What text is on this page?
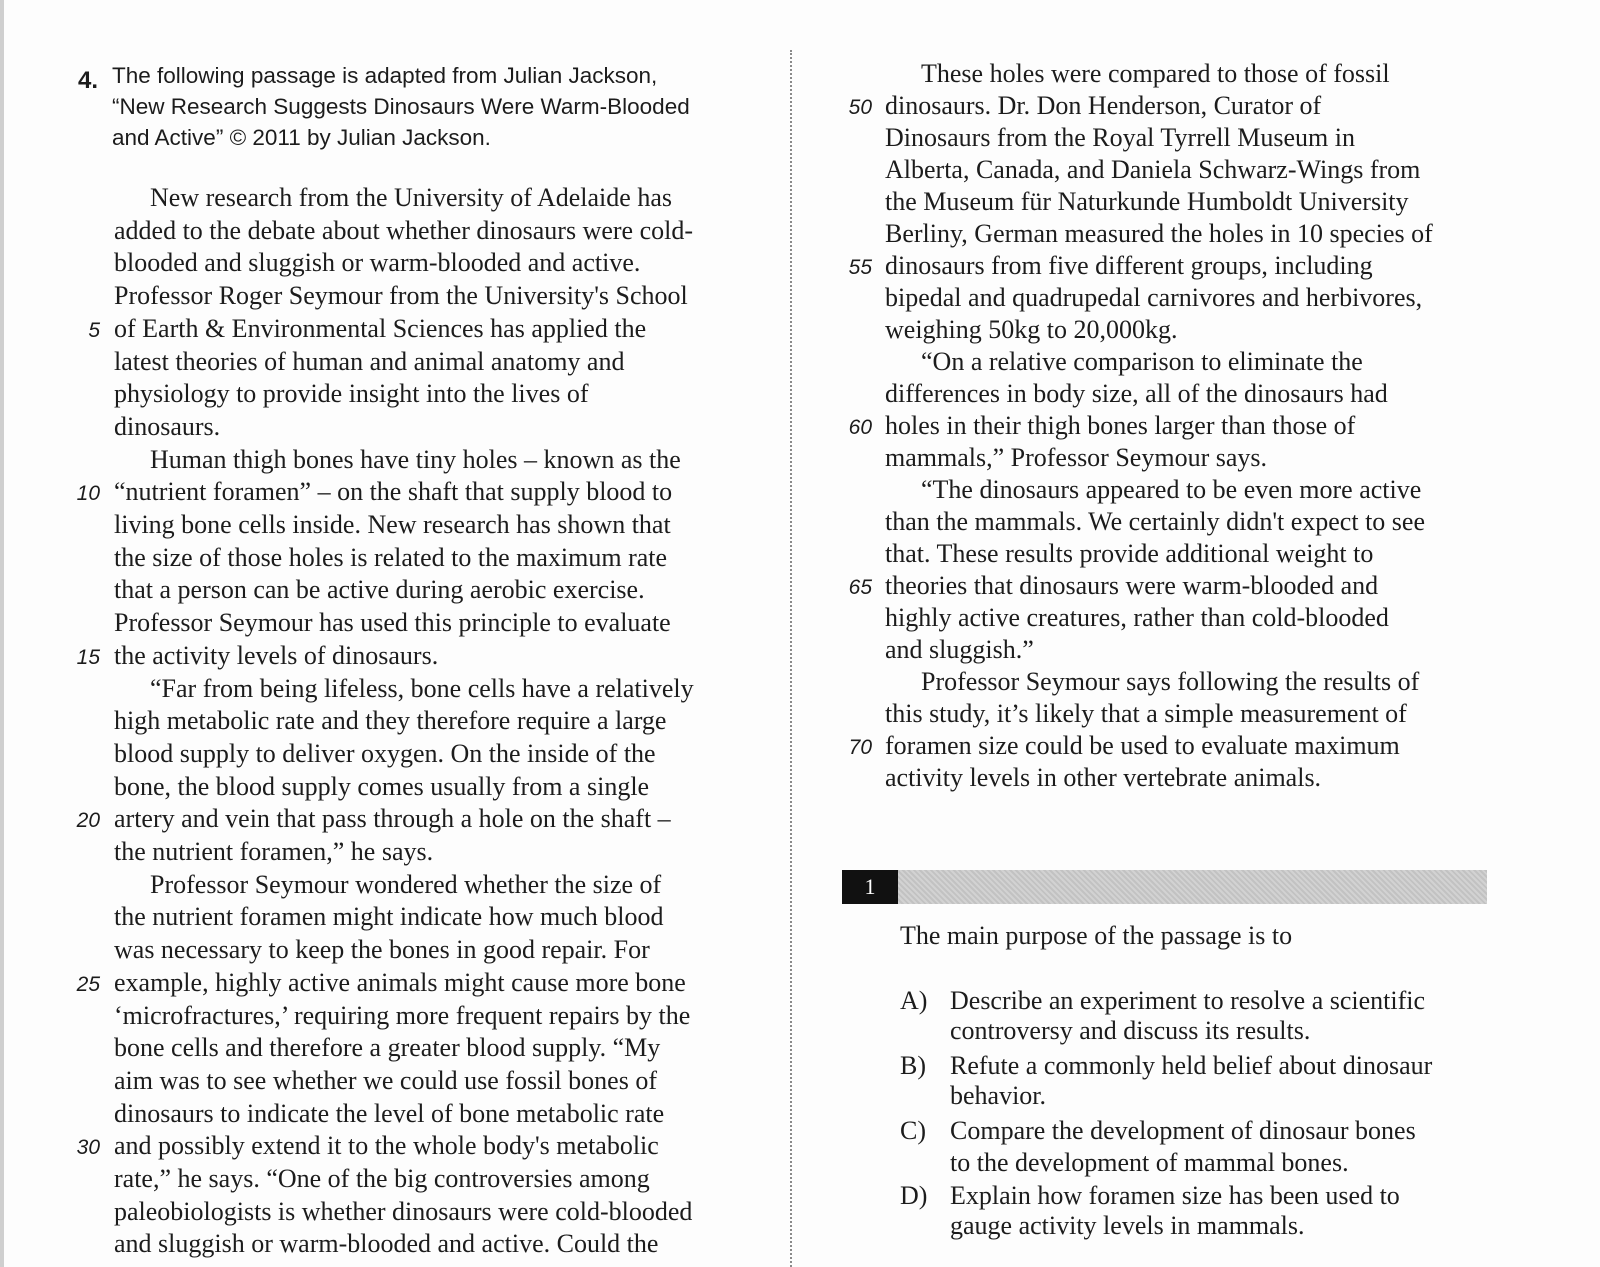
4. The following passage is adapted from Julian Jackson,
“New Research Suggests Dinosaurs Were Warm-Blooded
and Active” © 2011 by Julian Jackson.
New research from the University of Adelaide has
added to the debate about whether dinosaurs were cold-
blooded and sluggish or warm-blooded and active.
Professor Roger Seymour from the University's School
of Earth & Environmental Sciences has applied the
latest theories of human and animal anatomy and
physiology to provide insight into the lives of
dinosaurs.
Human thigh bones have tiny holes – known as the
“nutrient foramen” – on the shaft that supply blood to
living bone cells inside. New research has shown that
the size of those holes is related to the maximum rate
that a person can be active during aerobic exercise.
Professor Seymour has used this principle to evaluate
the activity levels of dinosaurs.
“Far from being lifeless, bone cells have a relatively
high metabolic rate and they therefore require a large
blood supply to deliver oxygen. On the inside of the
bone, the blood supply comes usually from a single
artery and vein that pass through a hole on the shaft –
the nutrient foramen,” he says.
Professor Seymour wondered whether the size of
the nutrient foramen might indicate how much blood
was necessary to keep the bones in good repair. For
example, highly active animals might cause more bone
‘microfractures,’ requiring more frequent repairs by the
bone cells and therefore a greater blood supply. “My
aim was to see whether we could use fossil bones of
dinosaurs to indicate the level of bone metabolic rate
and possibly extend it to the whole body's metabolic
rate,” he says. “One of the big controversies among
paleobiologists is whether dinosaurs were cold-blooded
and sluggish or warm-blooded and active. Could the
5
10
15
20
25
30
These holes were compared to those of fossil
dinosaurs. Dr. Don Henderson, Curator of
Dinosaurs from the Royal Tyrrell Museum in
Alberta, Canada, and Daniela Schwarz-Wings from
the Museum für Naturkunde Humboldt University
Berliny, German measured the holes in 10 species of
dinosaurs from five different groups, including
bipedal and quadrupedal carnivores and herbivores,
weighing 50kg to 20,000kg.
“On a relative comparison to eliminate the
differences in body size, all of the dinosaurs had
holes in their thigh bones larger than those of
mammals,” Professor Seymour says.
“The dinosaurs appeared to be even more active
than the mammals. We certainly didn't expect to see
that. These results provide additional weight to
theories that dinosaurs were warm-blooded and
highly active creatures, rather than cold-blooded
and sluggish.”
Professor Seymour says following the results of
this study, it’s likely that a simple measurement of
foramen size could be used to evaluate maximum
activity levels in other vertebrate animals.
50
55
60
65
70
1
The main purpose of the passage is to
A) Describe an experiment to resolve a scientific
controversy and discuss its results.
B) Refute a commonly held belief about dinosaur
behavior.
C) Compare the development of dinosaur bones
to the development of mammal bones.
D) Explain how foramen size has been used to
gauge activity levels in mammals.
